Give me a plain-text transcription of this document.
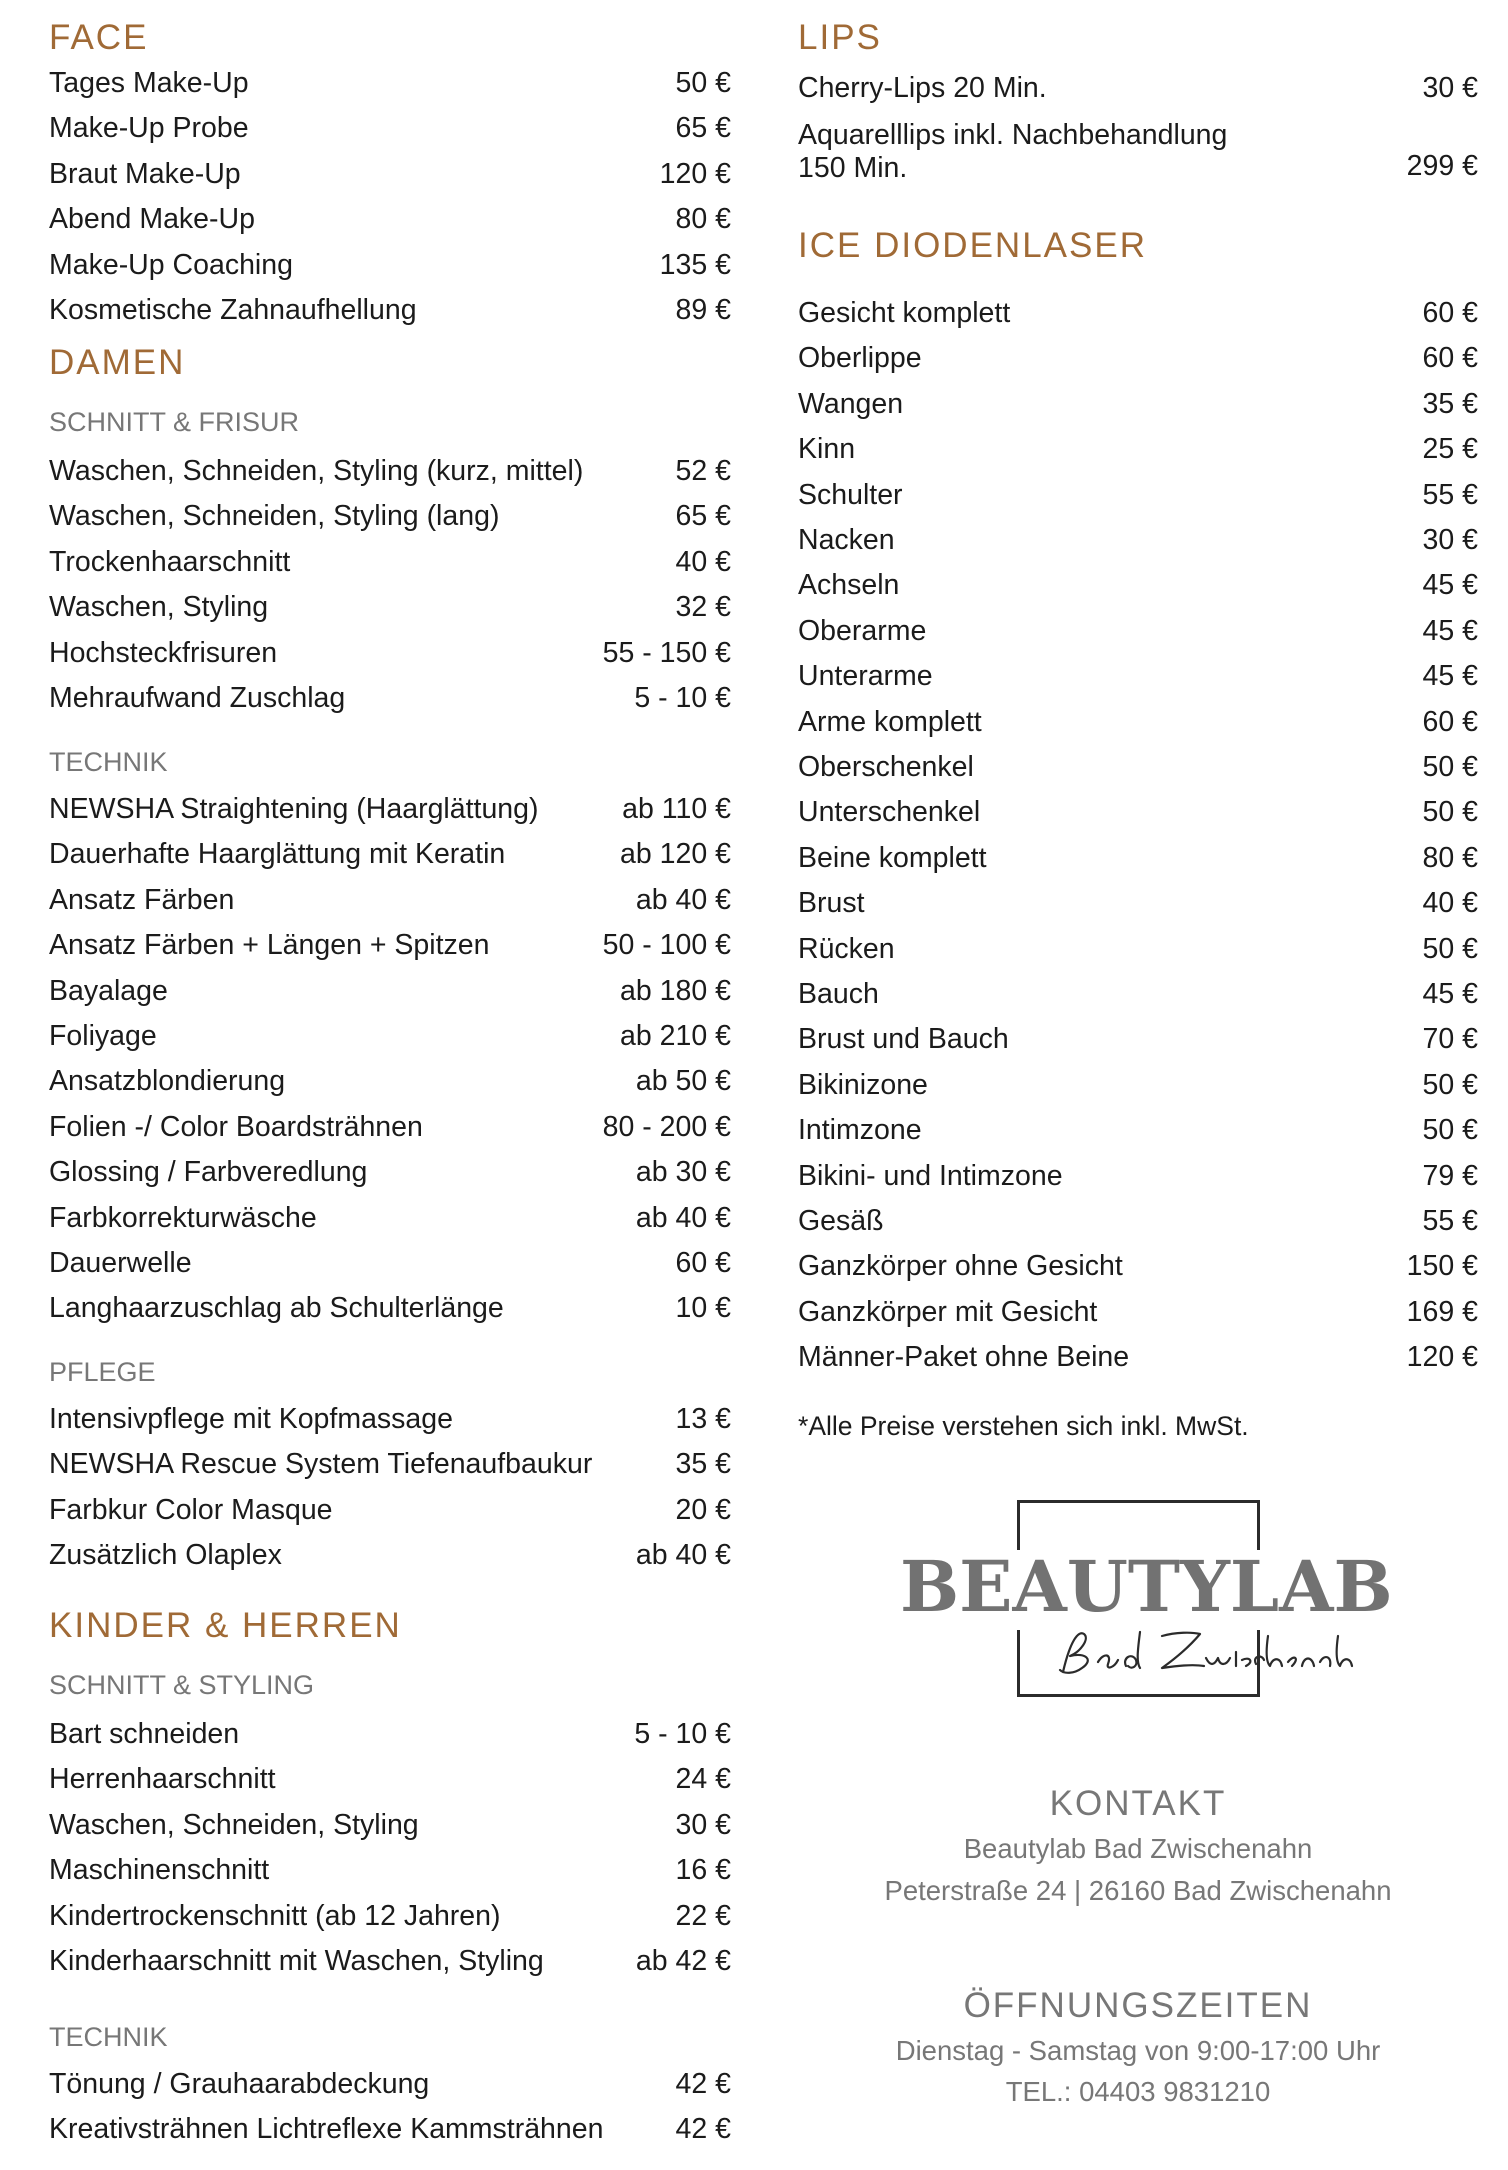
FACE
Tages Make-Up	50 €
Make-Up Probe	65 €
Braut Make-Up	120 €
Abend Make-Up	80 €
Make-Up Coaching	135 €
Kosmetische Zahnaufhellung	89 €
DAMEN
SCHNITT & FRISUR
Waschen, Schneiden, Styling (kurz, mittel)	52 €
Waschen, Schneiden, Styling (lang)	65 €
Trockenhaarschnitt	40 €
Waschen, Styling	32 €
Hochsteckfrisuren	55 - 150 €
Mehraufwand Zuschlag	5 - 10 €
TECHNIK
NEWSHA Straightening (Haarglättung)	ab 110 €
Dauerhafte Haarglättung mit Keratin	ab 120 €
Ansatz Färben	ab 40 €
Ansatz Färben + Längen + Spitzen	50 - 100 €
Bayalage	ab 180 €
Foliyage	ab 210 €
Ansatzblondierung	ab 50 €
Folien -/ Color Boardsträhnen	80 - 200 €
Glossing / Farbveredlung	ab 30 €
Farbkorrekturwäsche	ab 40 €
Dauerwelle	60 €
Langhaarzuschlag ab Schulterlänge	10 €
PFLEGE
Intensivpflege mit Kopfmassage	13 €
NEWSHA Rescue System Tiefenaufbaukur	35 €
Farbkur Color Masque	20 €
Zusätzlich Olaplex	ab 40 €
KINDER & HERREN
SCHNITT & STYLING
Bart schneiden	5 - 10 €
Herrenhaarschnitt	24 €
Waschen, Schneiden, Styling	30 €
Maschinenschnitt	16 €
Kindertrockenschnitt (ab 12 Jahren)	22 €
Kinderhaarschnitt mit Waschen, Styling	ab 42 €
TECHNIK
Tönung / Grauhaarabdeckung	42 €
Kreativsträhnen Lichtreflexe Kammsträhnen	42 €
LIPS
Cherry-Lips 20 Min.	30 €
Aquarelllips inkl. Nachbehandlung 150 Min.	299 €
ICE DIODENLASER
Gesicht komplett	60 €
Oberlippe	60 €
Wangen	35 €
Kinn	25 €
Schulter	55 €
Nacken	30 €
Achseln	45 €
Oberarme	45 €
Unterarme	45 €
Arme komplett	60 €
Oberschenkel	50 €
Unterschenkel	50 €
Beine komplett	80 €
Brust	40 €
Rücken	50 €
Bauch	45 €
Brust und Bauch	70 €
Bikinizone	50 €
Intimzone	50 €
Bikini- und Intimzone	79 €
Gesäß	55 €
Ganzkörper ohne Gesicht	150 €
Ganzkörper mit Gesicht	169 €
Männer-Paket ohne Beine	120 €
*Alle Preise verstehen sich inkl. MwSt.
BEAUTYLAB
KONTAKT
Beautylab Bad Zwischenahn
Peterstraße 24 | 26160 Bad Zwischenahn
ÖFFNUNGSZEITEN
Dienstag - Samstag von 9:00-17:00 Uhr
TEL.: 04403 9831210
